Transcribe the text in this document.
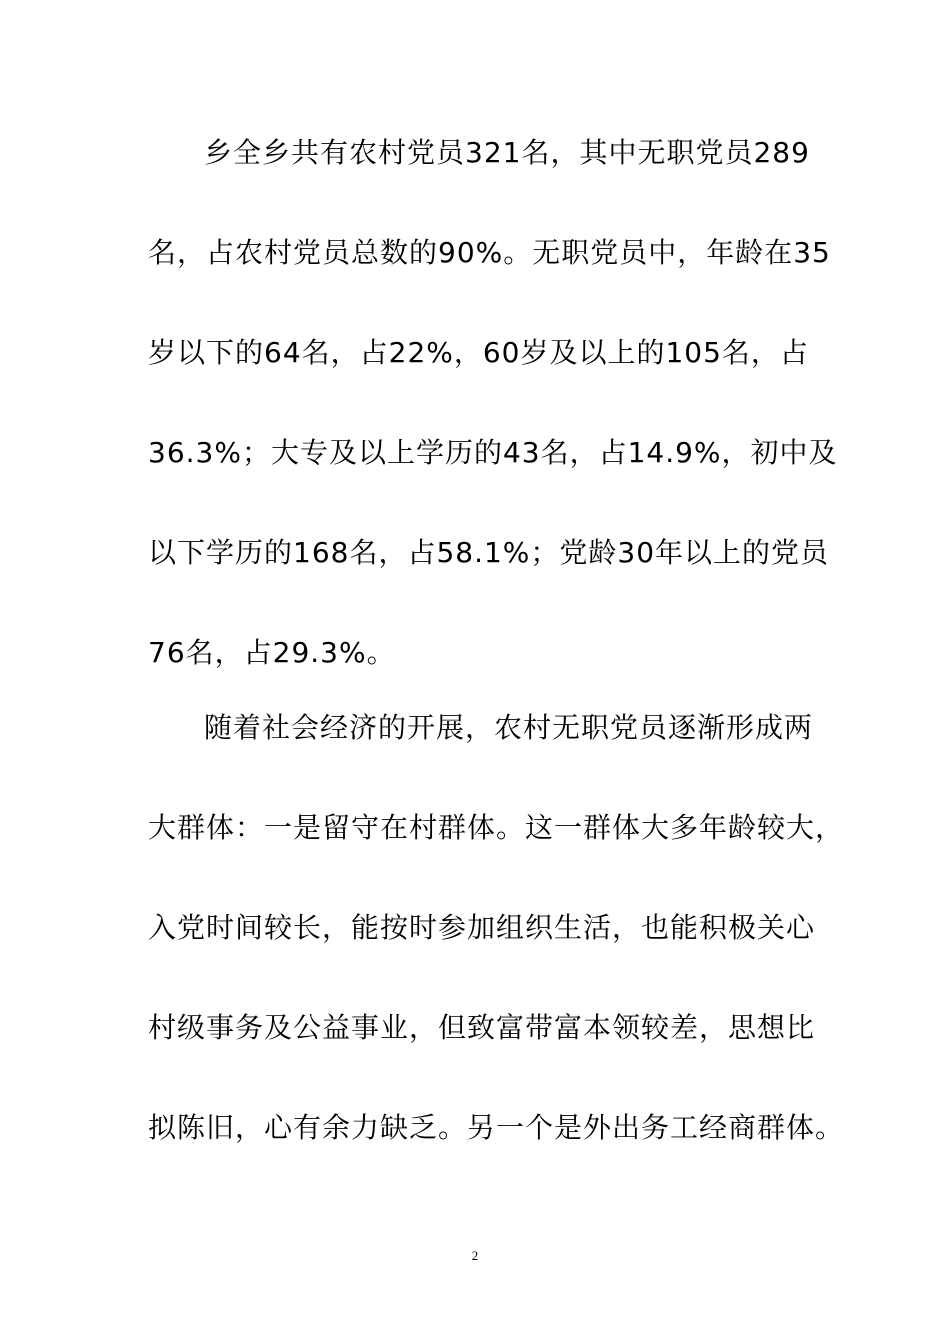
乡全乡共有农村党员321名，其中无职党员289
名，占农村党员总数的90%。无职党员中，年龄在35
岁以下的64名，占22%，60岁及以上的105名，占
36.3%；大专及以上学历的43名，占14.9%，初中及
以下学历的168名，占58.1%；党龄30年以上的党员
76名，占29.3%。
随着社会经济的开展，农村无职党员逐渐形成两
大群体：一是留守在村群体。这一群体大多年龄较大，
入党时间较长，能按时参加组织生活，也能积极关心
村级事务及公益事业，但致富带富本领较差，思想比
拟陈旧，心有余力缺乏。另一个是外出务工经商群体。
2
